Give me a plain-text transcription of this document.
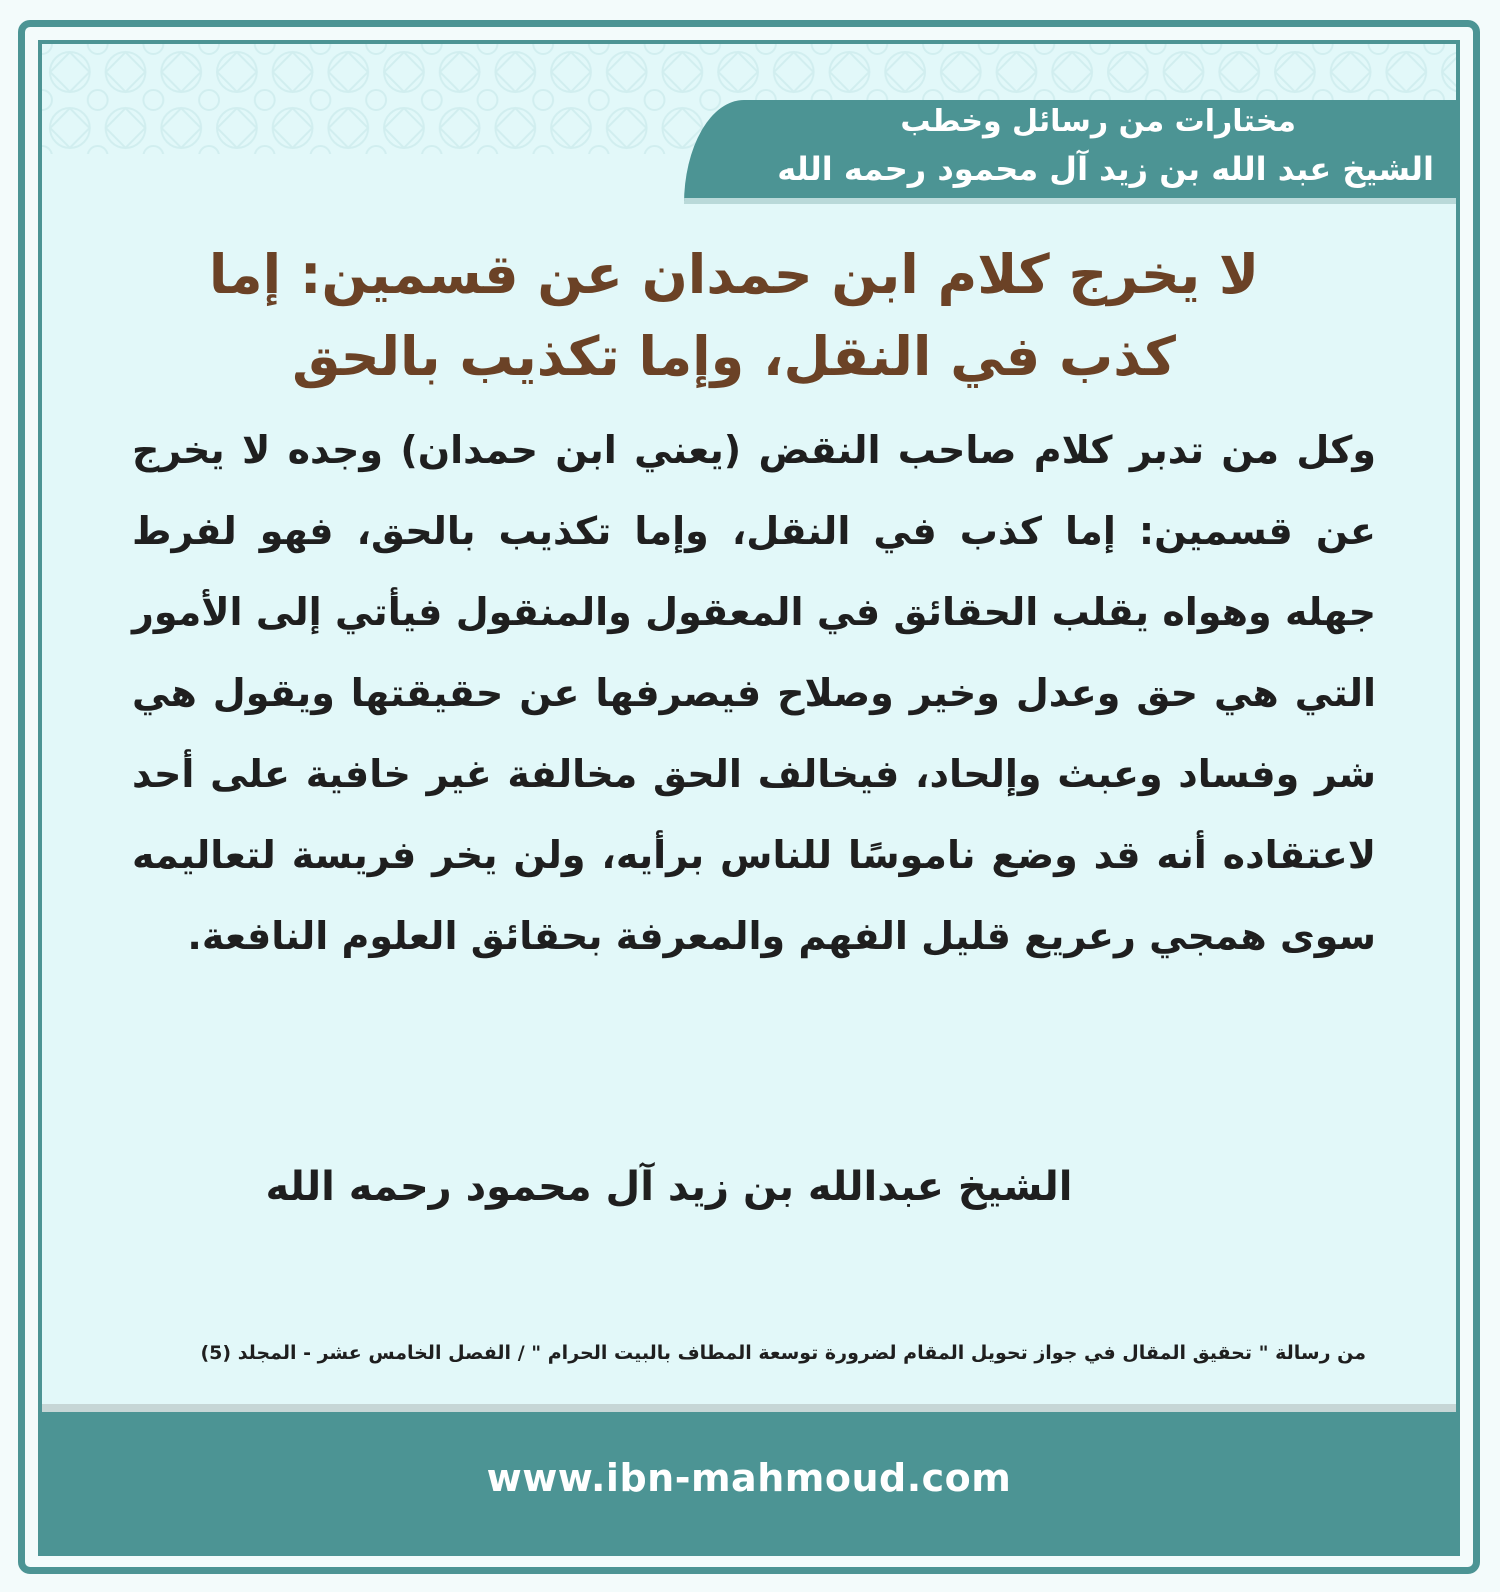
مختارات من رسائل وخطب
الشيخ عبد الله بن زيد آل محمود رحمه الله
لا يخرج كلام ابن حمدان عن قسمين: إما كذب في النقل، وإما تكذيب بالحق
وكل من تدبر كلام صاحب النقض (يعني ابن حمدان) وجده لا يخرج عن قسمين: إما كذب في النقل، وإما تكذيب بالحق، فهو لفرط جهله وهواه يقلب الحقائق في المعقول والمنقول فيأتي إلى الأمور التي هي حق وعدل وخير وصلاح فيصرفها عن حقيقتها ويقول هي شر وفساد وعبث وإلحاد، فيخالف الحق مخالفة غير خافية على أحد لاعتقاده أنه قد وضع ناموسًا للناس برأيه، ولن يخر فريسة لتعاليمه سوى همجي رعريع قليل الفهم والمعرفة بحقائق العلوم النافعة.
الشيخ عبدالله بن زيد آل محمود رحمه الله
من رسالة " تحقيق المقال في جواز تحويل المقام لضرورة توسعة المطاف بالبيت الحرام " / الفصل الخامس عشر - المجلد (5)
www.ibn-mahmoud.com
